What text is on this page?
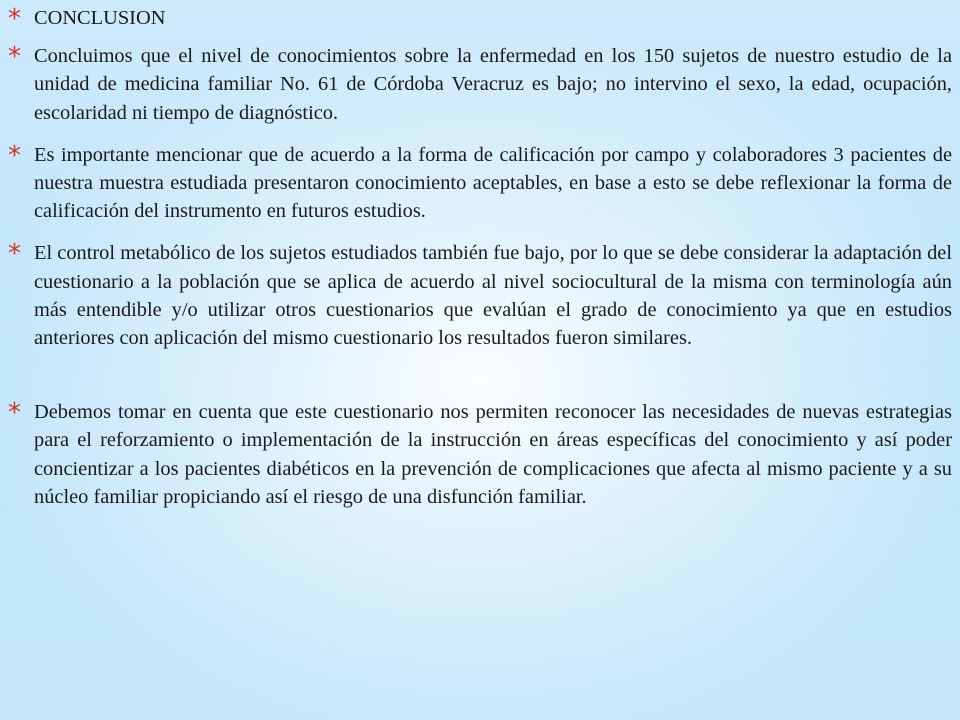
* CONCLUSION
* Concluimos que el nivel de conocimientos sobre la enfermedad en los 150 sujetos de nuestro estudio de la unidad de medicina familiar No. 61 de Córdoba Veracruz es bajo; no intervino el sexo, la edad, ocupación, escolaridad ni tiempo de diagnóstico.
* Es importante mencionar que de acuerdo a la forma de calificación por campo y colaboradores 3 pacientes de nuestra muestra estudiada presentaron conocimiento aceptables, en base a esto se debe reflexionar la forma de calificación del instrumento en futuros estudios.
* El control metabólico de los sujetos estudiados también fue bajo, por lo que se debe considerar la adaptación del cuestionario a la población que se aplica de acuerdo al nivel sociocultural de la misma con terminología aún más entendible y/o utilizar otros cuestionarios que evalúan el grado de conocimiento ya que en estudios anteriores con aplicación del mismo cuestionario los resultados fueron similares.
* Debemos tomar en cuenta que este cuestionario nos permiten reconocer las necesidades de nuevas estrategias para el reforzamiento o implementación de la instrucción en áreas específicas del conocimiento y así poder concientizar a los pacientes diabéticos en la prevención de complicaciones que afecta al mismo paciente y a su núcleo familiar propiciando así el riesgo de una disfunción familiar.
